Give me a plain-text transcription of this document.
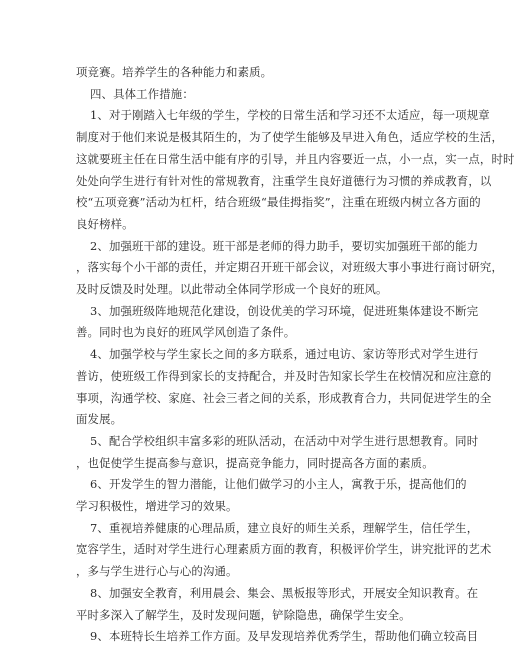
项竞赛。培养学生的各种能力和素质。
四、具体工作措施：
1、对于刚踏入七年级的学生，学校的日常生活和学习还不太适应，每一项规章
制度对于他们来说是极其陌生的，为了使学生能够及早进入角色，适应学校的生活，
这就要班主任在日常生活中能有序的引导，并且内容要近一点，小一点，实一点，时时
处处向学生进行有针对性的常规教育，注重学生良好道德行为习惯的养成教育，以
校“五项竞赛”活动为杠杆，结合班级“最佳拇指奖”，注重在班级内树立各方面的
良好榜样。
2、加强班干部的建设。班干部是老师的得力助手，要切实加强班干部的能力
，落实每个小干部的责任，并定期召开班干部会议，对班级大事小事进行商讨研究，
及时反馈及时处理。以此带动全体同学形成一个良好的班风。
3、加强班级阵地规范化建设，创设优美的学习环境，促进班集体建设不断完
善。同时也为良好的班风学风创造了条件。
4、加强学校与学生家长之间的多方联系，通过电访、家访等形式对学生进行
普访，使班级工作得到家长的支持配合，并及时告知家长学生在校情况和应注意的
事项，沟通学校、家庭、社会三者之间的关系，形成教育合力，共同促进学生的全
面发展。
5、配合学校组织丰富多彩的班队活动，在活动中对学生进行思想教育。同时
，也促使学生提高参与意识，提高竞争能力，同时提高各方面的素质。
6、开发学生的智力潜能，让他们做学习的小主人，寓教于乐，提高他们的
学习积极性，增进学习的效果。
7、重视培养健康的心理品质，建立良好的师生关系，理解学生，信任学生，
宽容学生，适时对学生进行心理素质方面的教育，积极评价学生，讲究批评的艺术
，多与学生进行心与心的沟通。
8、加强安全教育，利用晨会、集会、黑板报等形式，开展安全知识教育。在
平时多深入了解学生，及时发现问题，铲除隐患，确保学生安全。
9、本班特长生培养工作方面。及早发现培养优秀学生，帮助他们确立较高目
